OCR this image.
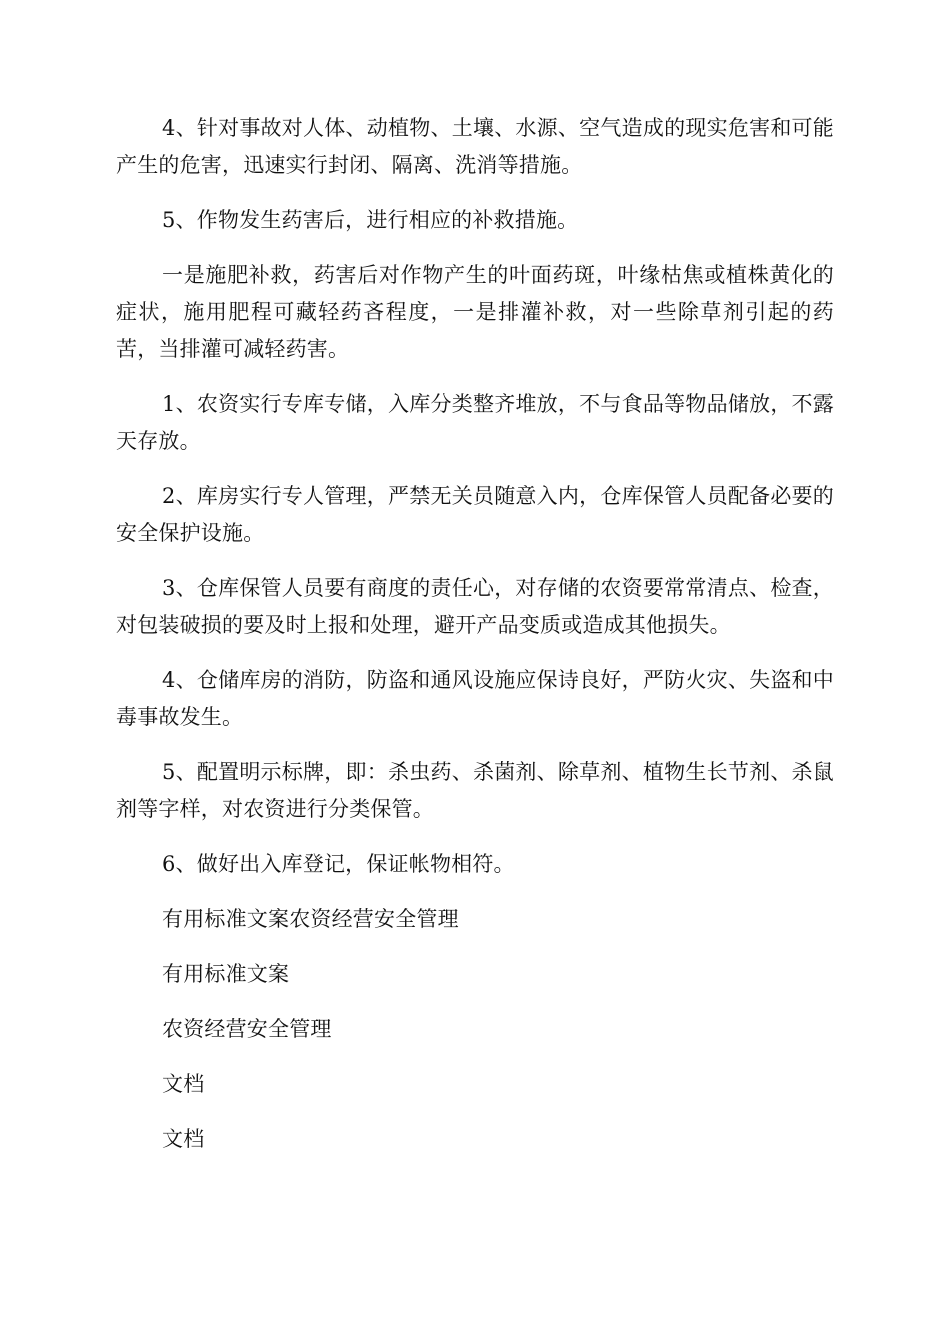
4、针对事故对人体、动植物、土壤、水源、空气造成的现实危害和可能产生的危害，迅速实行封闭、隔离、洗消等措施。

5、作物发生药害后，进行相应的补救措施。

一是施肥补救，药害后对作物产生的叶面药斑，叶缘枯焦或植株黄化的症状，施用肥程可藏轻药吝程度，一是排灌补救，对一些除草剂引起的药苦，当排灌可减轻药害。

1、农资实行专库专储，入库分类整齐堆放，不与食品等物品储放，不露天存放。

2、库房实行专人管理，严禁无关员随意入内，仓库保管人员配备必要的安全保护设施。

3、仓库保管人员要有商度的责任心，对存储的农资要常常清点、检查，对包装破损的要及时上报和处理，避开产品变质或造成其他损失。

4、仓储库房的消防，防盗和通风设施应保诗良好，严防火灾、失盗和中毒事故发生。

5、配置明示标牌，即：杀虫药、杀菌剂、除草剂、植物生长节剂、杀鼠剂等字样，对农资进行分类保管。

6、做好出入库登记，保证帐物相符。

有用标准文案农资经营安全管理

有用标准文案

农资经营安全管理

文档

文档
